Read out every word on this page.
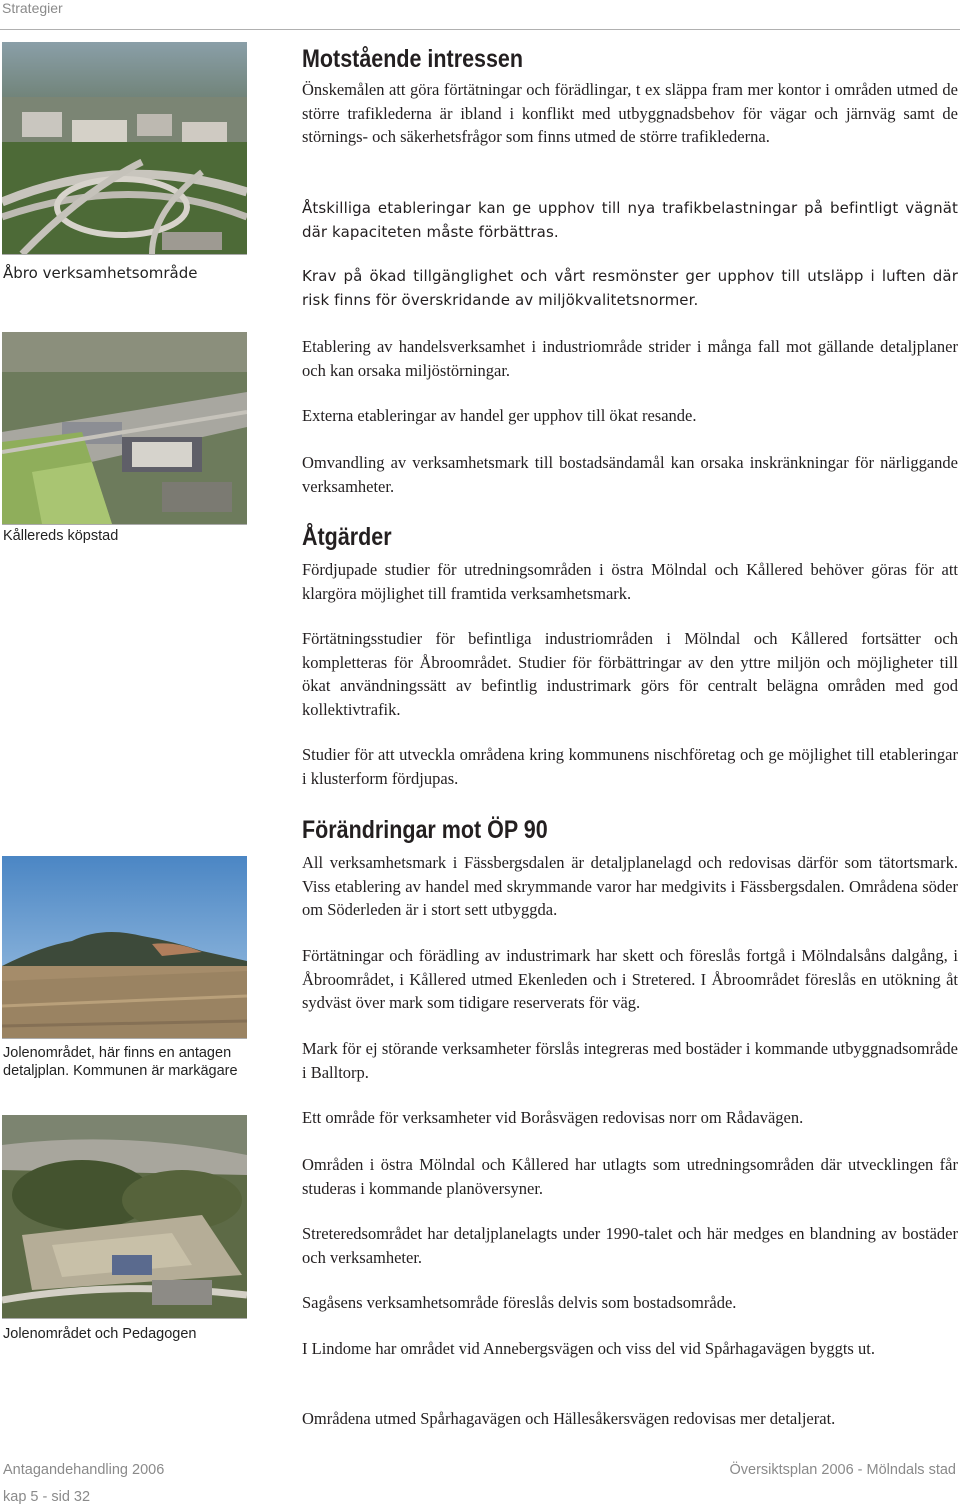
Strategier
Åbro verksamhetsområde
Kållereds köpstad
Jolenområdet, här finns en antagen detaljplan. Kommunen är markägare
Jolenområdet och Pedagogen
Motstående intressen

Önskemålen att göra förtätningar och förädlingar, t ex släppa fram mer kontor i områden utmed de större trafiklederna är ibland i konflikt med utbyggnadsbehov för vägar och järnväg samt de störnings- och säkerhetsfrågor som finns utmed de större trafiklederna.

Åtskilliga etableringar kan ge upphov till nya trafikbelastningar på befintligt vägnät där kapaciteten måste förbättras.

Krav på ökad tillgänglighet och vårt resmönster ger upphov till utsläpp i luften där risk finns för överskridande av miljökvalitetsnormer.

Etablering av handelsverksamhet i industriområde strider i många fall mot gällande detaljplaner och kan orsaka miljöstörningar.

Externa etableringar av handel ger upphov till ökat resande.

Omvandling av verksamhetsmark till bostadsändamål kan orsaka inskränkningar för närliggande verksamheter.

Åtgärder

Fördjupade studier för utredningsområden i östra Mölndal och Kållered behöver göras för att klargöra möjlighet till framtida verksamhetsmark.

Förtätningsstudier för befintliga industriområden i Mölndal och Kållered fortsätter och kompletteras för Åbroområdet. Studier för förbättringar av den yttre miljön och möjligheter till ökat användningssätt av befintlig industrimark görs för centralt belägna områden med god kollektivtrafik.

Studier för att utveckla områdena kring kommunens nischföretag och ge möjlighet till etableringar i klusterform fördjupas.

Förändringar mot ÖP 90

All verksamhetsmark i Fässbergsdalen är detaljplanelagd och redovisas därför som tätortsmark. Viss etablering av handel med skrymmande varor har medgivits i Fässbergsdalen. Områdena söder om Söderleden är i stort sett utbyggda.

Förtätningar och förädling av industrimark har skett och föreslås fortgå i Mölndalsåns dalgång, i Åbroområdet, i Kållered utmed Ekenleden och i Stretered. I Åbroområdet föreslås en utökning åt sydväst över mark som tidigare reserverats för väg.

Mark för ej störande verksamheter förslås integreras med bostäder i kommande utbyggnadsområde i Balltorp.

Ett område för verksamheter vid Boråsvägen redovisas norr om Rådavägen.

Områden i östra Mölndal och Kållered har utlagts som utredningsområden där utvecklingen får studeras i kommande planöversyner.

Streteredsområdet har detaljplanelagts under 1990-talet och här medges en blandning av bostäder och verksamheter.

Sagåsens verksamhetsområde föreslås delvis som bostadsområde.

I Lindome har området vid Annebergsvägen och viss del vid Spårhagavägen byggts ut.

Områdena utmed Spårhagavägen och Hällesåkersvägen redovisas mer detaljerat.

Antagandehandling 2006	Översiktsplan 2006 - Mölndals stad
kap 5 - sid 32
